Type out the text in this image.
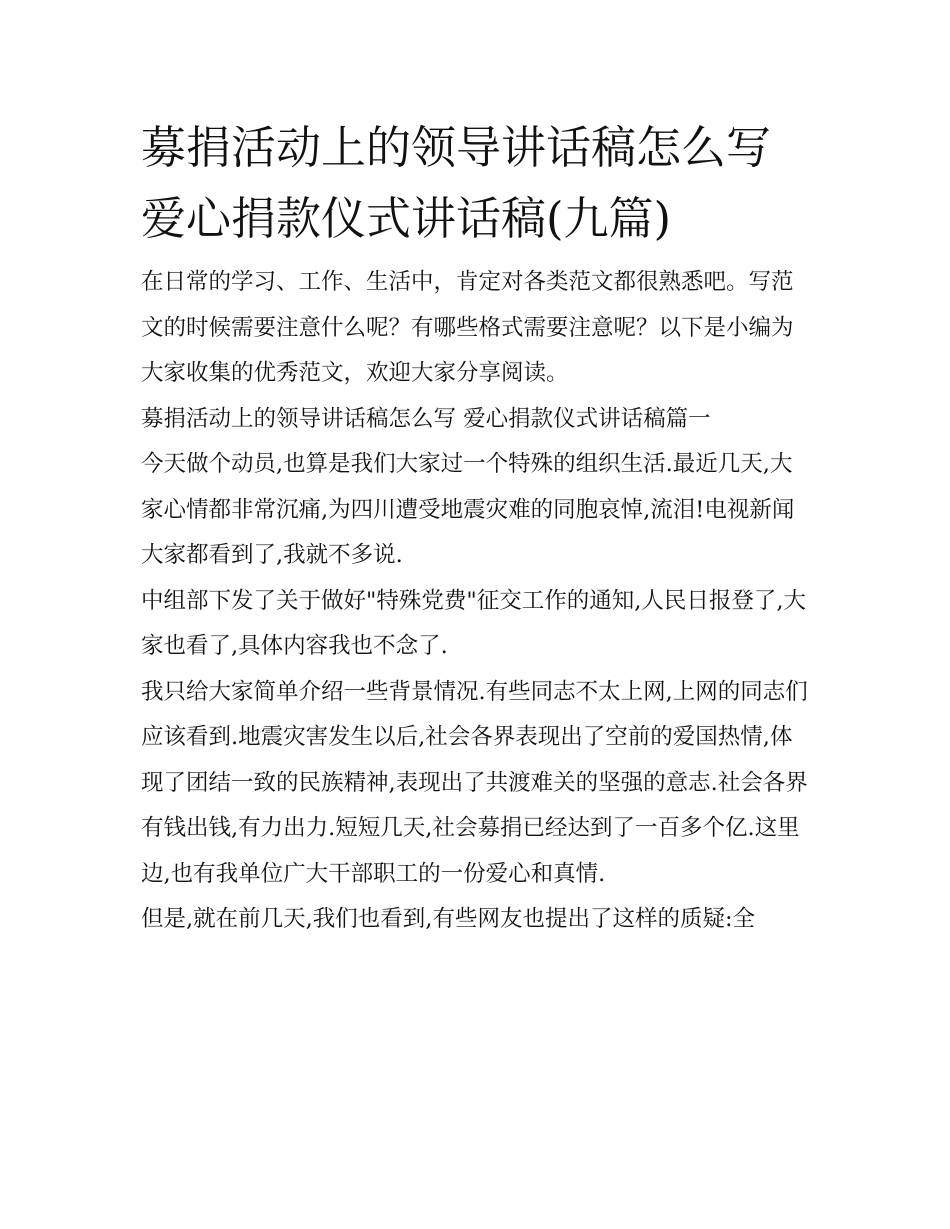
募捐活动上的领导讲话稿怎么写 爱心捐款仪式讲话稿(九篇)

在日常的学习、工作、生活中，肯定对各类范文都很熟悉吧。写范文的时候需要注意什么呢？有哪些格式需要注意呢？以下是小编为大家收集的优秀范文，欢迎大家分享阅读。

募捐活动上的领导讲话稿怎么写 爱心捐款仪式讲话稿篇一

今天做个动员,也算是我们大家过一个特殊的组织生活.最近几天,大家心情都非常沉痛,为四川遭受地震灾难的同胞哀悼,流泪!电视新闻大家都看到了,我就不多说.

中组部下发了关于做好"特殊党费"征交工作的通知,人民日报登了,大家也看了,具体内容我也不念了.

我只给大家简单介绍一些背景情况.有些同志不太上网,上网的同志们应该看到.地震灾害发生以后,社会各界表现出了空前的爱国热情,体现了团结一致的民族精神,表现出了共渡难关的坚强的意志.社会各界有钱出钱,有力出力.短短几天,社会募捐已经达到了一百多个亿.这里边,也有我单位广大干部职工的一份爱心和真情.

但是,就在前几天,我们也看到,有些网友也提出了这样的质疑:全
